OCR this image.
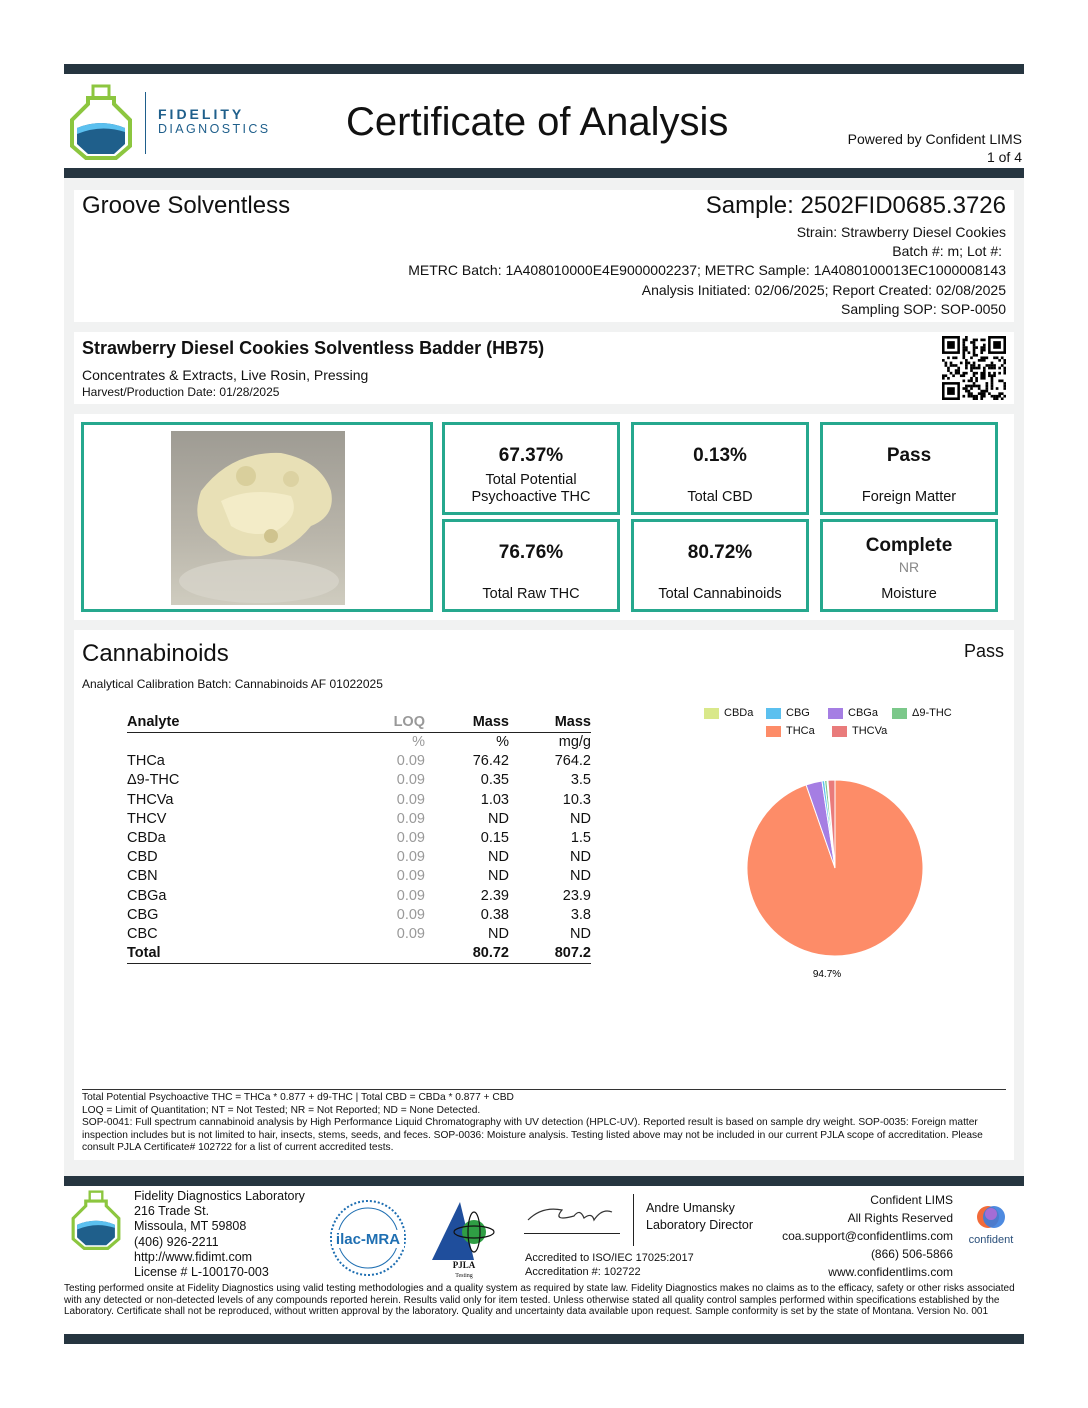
FIDELITY
DIAGNOSTICS Certificate of Analysis	Powered by Confident LIMS
1 of 4
Groove Solventless	Sample: 2502FID0685.3726
Strain: Strawberry Diesel Cookies
Batch #: m; Lot #:
METRC Batch: 1A408010000E4E9000002237; METRC Sample: 1A4080100013EC1000008143
Analysis Initiated: 02/06/2025; Report Created: 02/08/2025
Sampling SOP: SOP-0050
Strawberry Diesel Cookies Solventless Badder (HB75)
Concentrates & Extracts, Live Rosin, Pressing
Harvest/Production Date: 01/28/2025
67.37%
Total Potential
Psychoactive THC
0.13%
Total CBD
Pass
Foreign Matter
76.76%
Total Raw THC
80.72%
Total Cannabinoids
Complete
NR
Moisture
Cannabinoids	Pass
Analytical Calibration Batch: Cannabinoids AF 01022025
Analyte	LOQ	Mass	Mass
	%	%	mg/g
THCa	0.09	76.42	764.2
Δ9-THC	0.09	0.35	3.5
THCVa	0.09	1.03	10.3
THCV	0.09	ND	ND
CBDa	0.09	0.15	1.5
CBD	0.09	ND	ND
CBN	0.09	ND	ND
CBGa	0.09	2.39	23.9
CBG	0.09	0.38	3.8
CBC	0.09	ND	ND
Total		80.72	807.2
CBDa	CBG	CBGa	Δ9-THC
THCa	THCVa
94.7%
Total Potential Psychoactive THC = THCa * 0.877 + d9-THC | Total CBD = CBDa * 0.877 + CBD
LOQ = Limit of Quantitation; NT = Not Tested; NR = Not Reported; ND = None Detected.
SOP-0041: Full spectrum cannabinoid analysis by High Performance Liquid Chromatography with UV detection (HPLC-UV). Reported result is based on sample dry weight. SOP-0035: Foreign matter inspection includes but is not limited to hair, insects, stems, seeds, and feces. SOP-0036: Moisture analysis. Testing listed above may not be included in our current PJLA scope of accreditation. Please consult PJLA Certificate# 102722 for a list of current accredited tests.
Fidelity Diagnostics Laboratory
216 Trade St.
Missoula, MT 59808
(406) 926-2211
http://www.fidimt.com
License # L-100170-003
ilac-MRA
PJLA
Testing
Andre Umansky
Laboratory Director
Accredited to ISO/IEC 17025:2017
Accreditation #: 102722
Confident LIMS
All Rights Reserved
coa.support@confidentlims.com
(866) 506-5866
www.confidentlims.com
confident
Testing performed onsite at Fidelity Diagnostics using valid testing methodologies and a quality system as required by state law. Fidelity Diagnostics makes no claims as to the efficacy, safety or other risks associated with any detected or non-detected levels of any compounds reported herein. Results valid only for item tested. Unless otherwise stated all quality control samples performed within specifications established by the Laboratory. Certificate shall not be reproduced, without written approval by the laboratory. Quality and uncertainty data available upon request. Sample conformity is set by the state of Montana. Version No. 001
